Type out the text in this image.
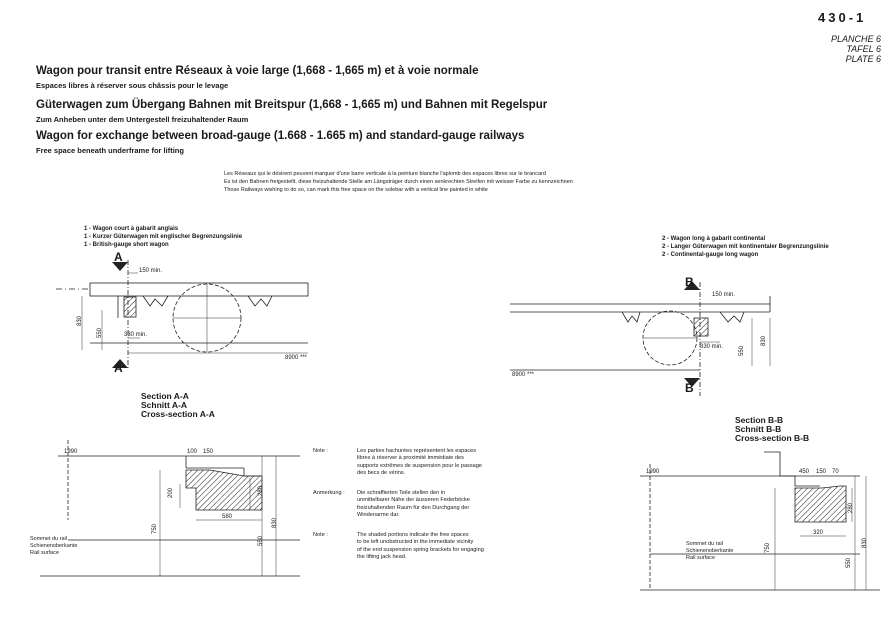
430-1
PLANCHE 6
TAFEL 6
PLATE 6
Wagon pour transit entre Réseaux à voie large (1,668 - 1,665 m) et à voie normale
Espaces libres à réserver sous châssis pour le levage
Güterwagen zum Übergang Bahnen mit Breitspur (1,668 - 1,665 m) und Bahnen mit Regelspur
Zum Anheben unter dem Untergestell freizuhaltender Raum
Wagon for exchange between broad-gauge (1.668 - 1.665 m) and standard-gauge railways
Free space beneath underframe for lifting
Les Réseaux qui le désirent peuvent marquer d'une barre verticale à la peinture blanche l'aplomb des espaces libres sur le brancard
Es ist den Bahnen freigestellt, diese freizuhaltende Stelle am Längsträger durch einen senkrechten Streifen mit weisser Farbe zu kennzeichnen
Those Railways wishing to do so, can mark this free space on the solebar with a vertical line painted in white
1 - Wagon court à gabarit anglais
1 - Kurzer Güterwagen mit englischer Begrenzungslinie
1 - British-gauge short wagon
A
A
150 min.
330 min.
830
550
8900 ***
2 - Wagon long à gabarit continental
2 - Langer Güterwagen mit kontinentaler Begrenzungslinie
2 - Continental-gauge long wagon
B
B
150 min.
330 min.
830
550
8900 ***
Section A-A
Schnitt A-A
Cross-section A-A
1990	100 150
200	280
580
750
550
830
Sommet du rail
Schienenoberkante
Rail surface
Section B-B
Schnitt B-B
Cross-section B-B
1990	450 150 70
280
320
750
550
830
Sommet du rail
Schienenoberkante
Rail surface
Note :	Les parties hachurées représentent les espaces
libres à réserver à proximité immédiate des
supports extrêmes de suspension pour le passage
des becs de vérins.
Anmerkung : Die schraffierten Teile stellen den in
unmittelbarer Nähe der äusseren Federböcke
freizuhaltenden Raum für den Durchgang der
Windenarme dar.
Note :	The shaded portions indicate the free spaces
to be left unobstructed in the immediate vicinity
of the end suspension spring brackets for engaging
the lifting jack head.
